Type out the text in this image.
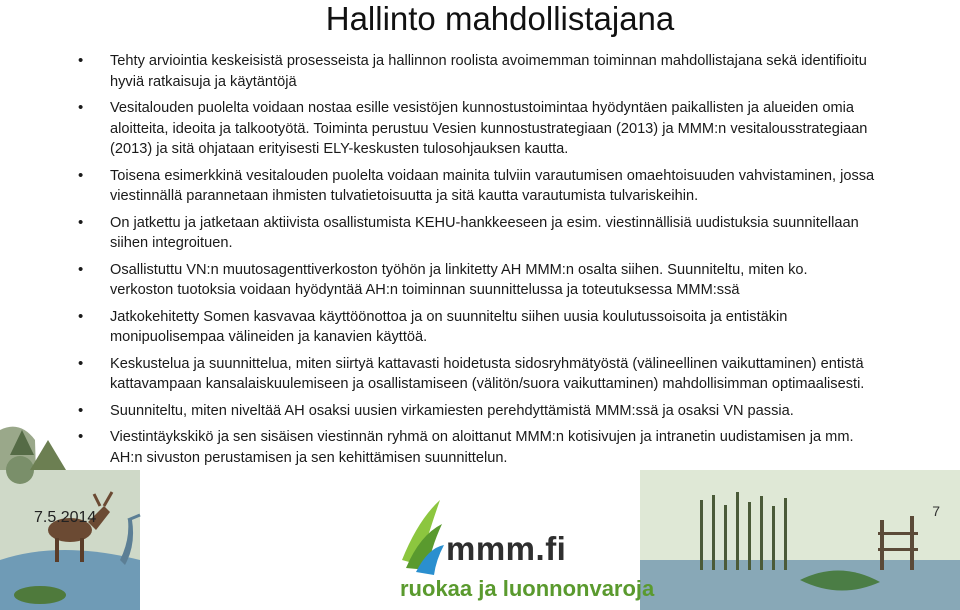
Hallinto mahdollistajana
• Tehty arviointia keskeisistä prosesseista ja hallinnon roolista avoimemman toiminnan mahdollistajana sekä identifioitu hyviä ratkaisuja ja käytäntöjä
• Vesitalouden puolelta voidaan nostaa esille vesistöjen kunnostustoimintaa hyödyntäen paikallisten ja alueiden omia aloitteita, ideoita ja talkootyötä. Toiminta perustuu Vesien kunnostustrategiaan (2013) ja MMM:n vesitalousstrategiaan (2013) ja sitä ohjataan erityisesti ELY-keskusten tulosohjauksen kautta.
• Toisena esimerkkinä vesitalouden puolelta voidaan mainita tulviin varautumisen omaehtoisuuden vahvistaminen, jossa viestinnällä parannetaan ihmisten tulvatietoisuutta ja sitä kautta varautumista tulvariskeihin.
• On jatkettu ja jatketaan aktiivista osallistumista KEHU-hankkeeseen ja esim. viestinnällisiä uudistuksia suunnitellaan siihen integroituen.
• Osallistuttu VN:n muutosagenttiverkoston työhön ja linkitetty AH MMM:n osalta siihen. Suunniteltu, miten ko.
verkoston tuotoksia voidaan hyödyntää AH:n toiminnan suunnittelussa ja toteutuksessa MMM:ssä
• Jatkokehitetty Somen kasvavaa käyttöönottoa ja on suunniteltu siihen uusia koulutussoisoita ja entistäkin monipuolisempaa välineiden ja kanavien käyttöä.
• Keskustelua ja suunnittelua, miten siirtyä kattavasti hoidetusta sidosryhmätyöstä (välineellinen vaikuttaminen) entistä kattavampaan kansalaiskuulemiseen ja osallistamiseen (välitön/suora vaikuttaminen) mahdollisimman optimaalisesti.
• Suunniteltu, miten niveltää AH osaksi uusien virkamiesten perehdyttämistä MMM:ssä ja osaksi VN passia.
• Viestintäykskikö ja sen sisäisen viestinnän ryhmä on aloittanut MMM:n kotisivujen ja intranetin uudistamisen ja mm. AH:n sivuston perustamisen ja sen kehittämisen suunnittelun.
7.5.2014	7
mmm.fi
ruokaa ja luonnonvaroja
